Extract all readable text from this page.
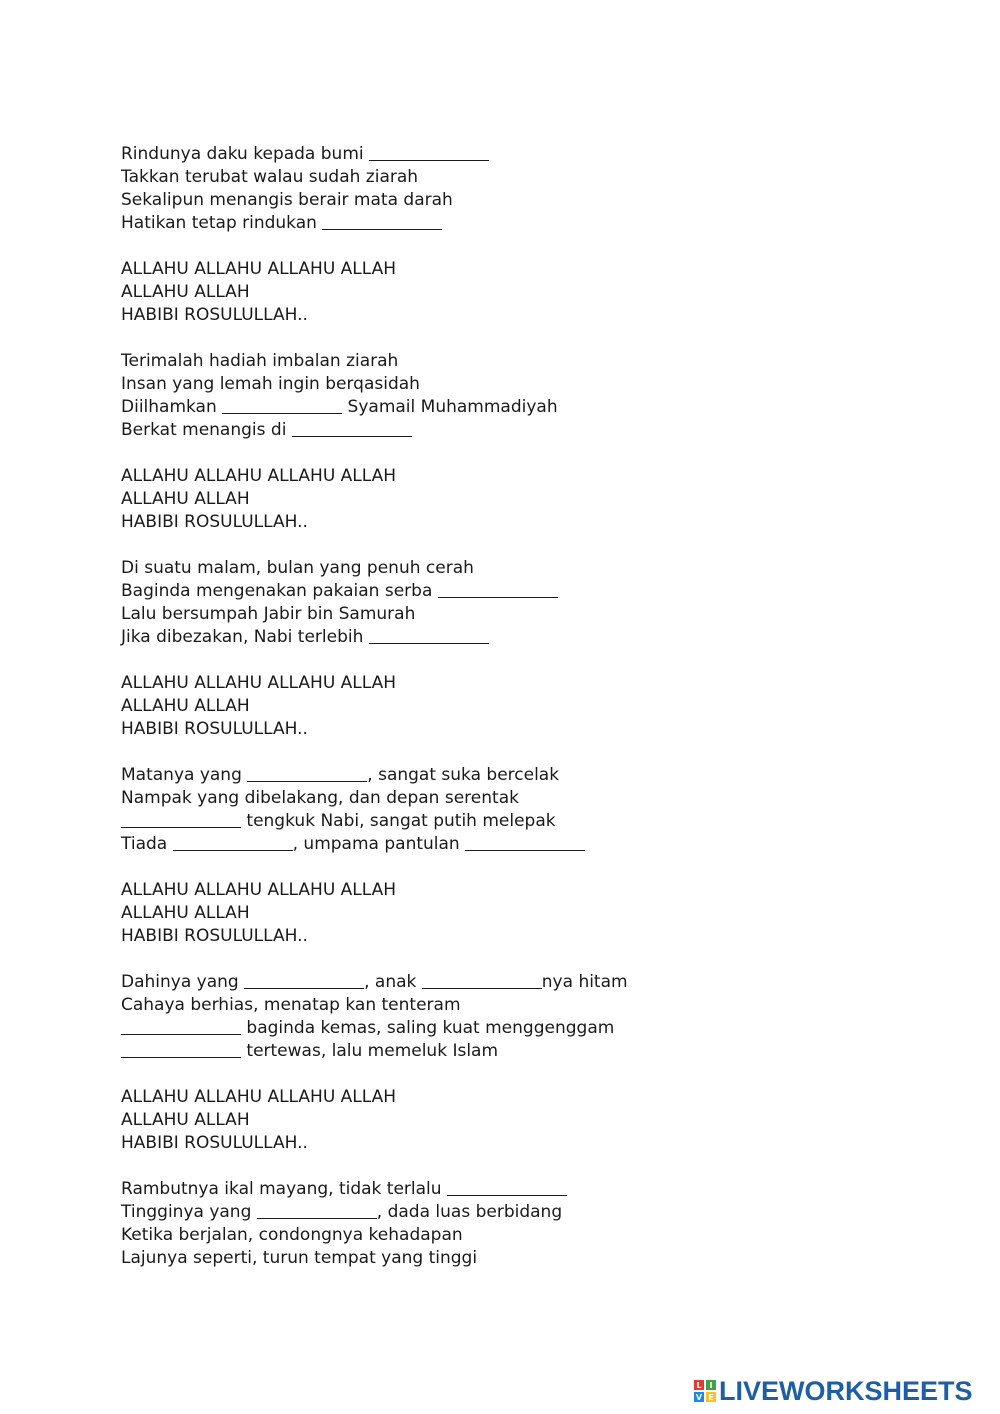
Rindunya daku kepada bumi
Takkan terubat walau sudah ziarah
Sekalipun menangis berair mata darah
Hatikan tetap rindukan
ALLAHU ALLAHU ALLAHU ALLAH
ALLAHU ALLAH
HABIBI ROSULULLAH..
Terimalah hadiah imbalan ziarah
Insan yang lemah ingin berqasidah
Diilhamkan	Syamail Muhammadiyah
Berkat menangis di
ALLAHU ALLAHU ALLAHU ALLAH
ALLAHU ALLAH
HABIBI ROSULULLAH..
Di suatu malam, bulan yang penuh cerah
Baginda mengenakan pakaian serba
Lalu bersumpah Jabir bin Samurah
Jika dibezakan, Nabi terlebih
ALLAHU ALLAHU ALLAHU ALLAH
ALLAHU ALLAH
HABIBI ROSULULLAH..
Matanya yang	, sangat suka bercelak
Nampak yang dibelakang, dan depan serentak
tengkuk Nabi, sangat putih melepak
Tiada	, umpama pantulan
ALLAHU ALLAHU ALLAHU ALLAH
ALLAHU ALLAH
HABIBI ROSULULLAH..
Dahinya yang	, anak	nya hitam
Cahaya berhias, menatap kan tenteram
baginda kemas, saling kuat menggenggam
tertewas, lalu memeluk Islam
ALLAHU ALLAHU ALLAHU ALLAH
ALLAHU ALLAH
HABIBI ROSULULLAH..
Rambutnya ikal mayang, tidak terlalu
Tingginya yang	, dada luas berbidang
Ketika berjalan, condongnya kehadapan
Lajunya seperti, turun tempat yang tinggi
L I
V E LIVEWORKSHEETS
